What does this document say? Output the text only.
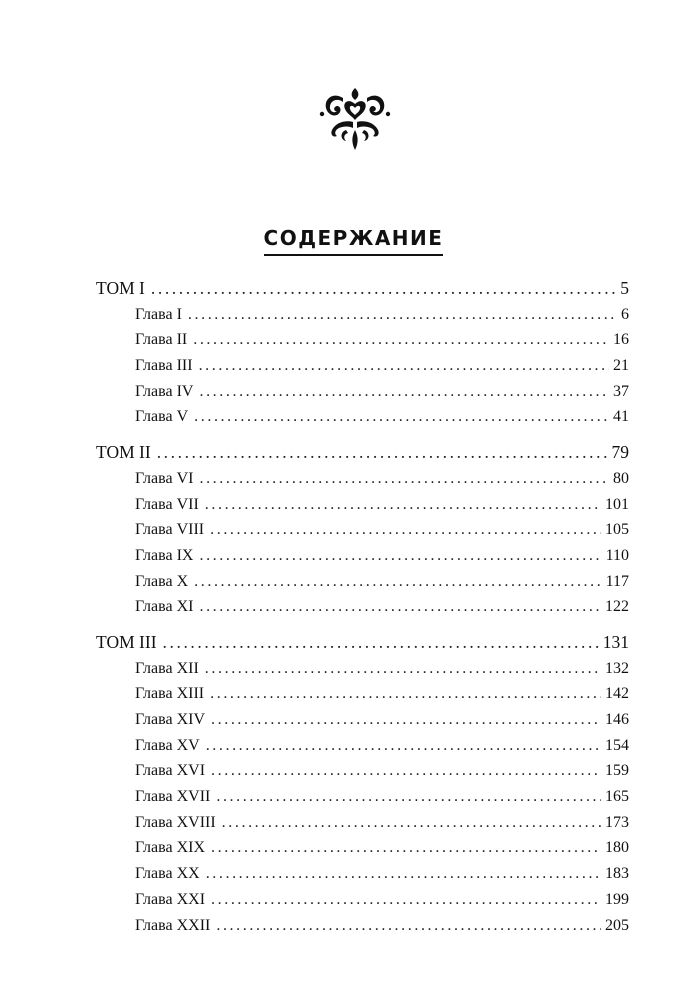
СОДЕРЖАНИЕ
ТОМ I .....	5
Глава I .....	6
Глава II .....	16
Глава III .....	21
Глава IV .....	37
Глава V .....	41
ТОМ II .....	79
Глава VI .....	80
Глава VII .....	101
Глава VIII .....	105
Глава IX .....	110
Глава X .....	117
Глава XI .....	122
ТОМ III .....	131
Глава XII .....	132
Глава XIII .....	142
Глава XIV .....	146
Глава XV .....	154
Глава XVI .....	159
Глава XVII .....	165
Глава XVIII .....	173
Глава XIX .....	180
Глава XX .....	183
Глава XXI .....	199
Глава XXII .....	205
